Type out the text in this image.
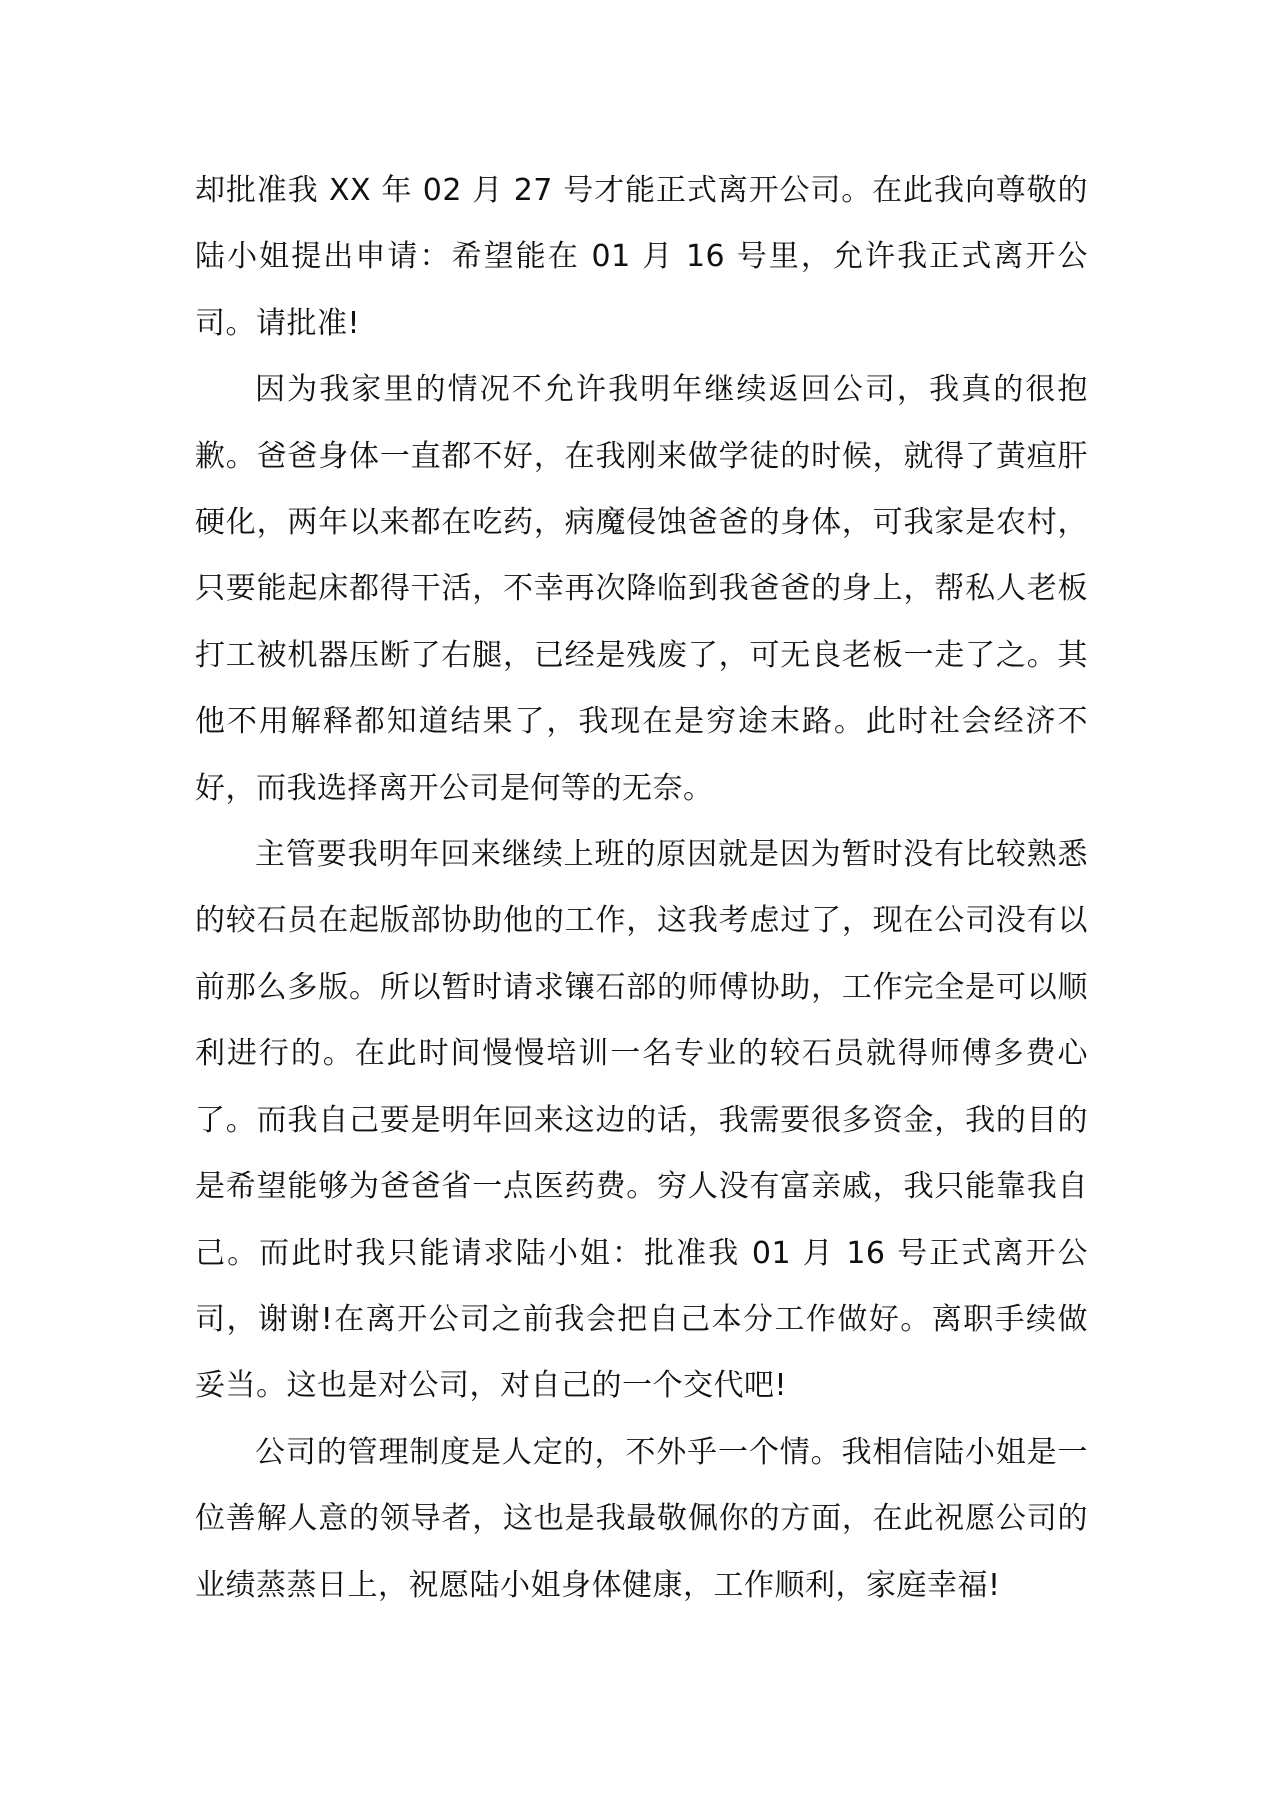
却批准我 XX 年 02 月 27 号才能正式离开公司。在此我向尊敬的陆小姐提出申请：希望能在 01 月 16 号里，允许我正式离开公司。请批准!

因为我家里的情况不允许我明年继续返回公司，我真的很抱歉。爸爸身体一直都不好，在我刚来做学徒的时候，就得了黄疸肝硬化，两年以来都在吃药，病魔侵蚀爸爸的身体，可我家是农村，只要能起床都得干活，不幸再次降临到我爸爸的身上，帮私人老板打工被机器压断了右腿，已经是残废了，可无良老板一走了之。其他不用解释都知道结果了，我现在是穷途末路。此时社会经济不好，而我选择离开公司是何等的无奈。

主管要我明年回来继续上班的原因就是因为暂时没有比较熟悉的较石员在起版部协助他的工作，这我考虑过了，现在公司没有以前那么多版。所以暂时请求镶石部的师傅协助，工作完全是可以顺利进行的。在此时间慢慢培训一名专业的较石员就得师傅多费心了。而我自己要是明年回来这边的话，我需要很多资金，我的目的是希望能够为爸爸省一点医药费。穷人没有富亲戚，我只能靠我自己。而此时我只能请求陆小姐：批准我 01 月 16 号正式离开公司，谢谢!在离开公司之前我会把自己本分工作做好。离职手续做妥当。这也是对公司，对自己的一个交代吧!

公司的管理制度是人定的，不外乎一个情。我相信陆小姐是一位善解人意的领导者，这也是我最敬佩你的方面，在此祝愿公司的业绩蒸蒸日上，祝愿陆小姐身体健康，工作顺利，家庭幸福!
